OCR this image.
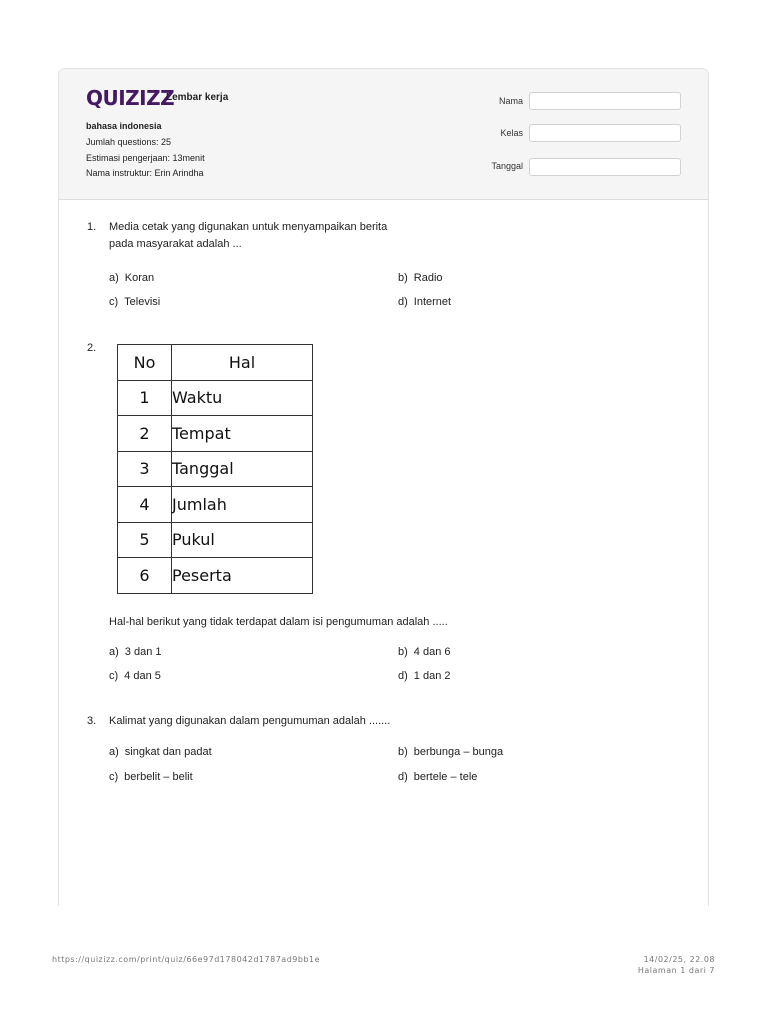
QUIZIZZ
Lembar kerja
bahasa indonesia
Jumlah questions: 25
Estimasi pengerjaan: 13menit
Nama instruktur: Erin Arindha
Nama
Kelas
Tanggal
1. Media cetak yang digunakan untuk menyampaikan berita
pada masyarakat adalah ...
a) Koran	b) Radio
c) Televisi	d) Internet
2.
No	Hal
1	Waktu
2	Tempat
3	Tanggal
4	Jumlah
5	Pukul
6	Peserta
Hal-hal berikut yang tidak terdapat dalam isi pengumuman adalah .....
a) 3 dan 1	b) 4 dan 6
c) 4 dan 5	d) 1 dan 2
3. Kalimat yang digunakan dalam pengumuman adalah .......
a) singkat dan padat	b) berbunga – bunga
c) berbelit – belit	d) bertele – tele
https://quizizz.com/print/quiz/66e97d178042d1787ad9bb1e	14/02/25, 22.08
Halaman 1 dari 7
